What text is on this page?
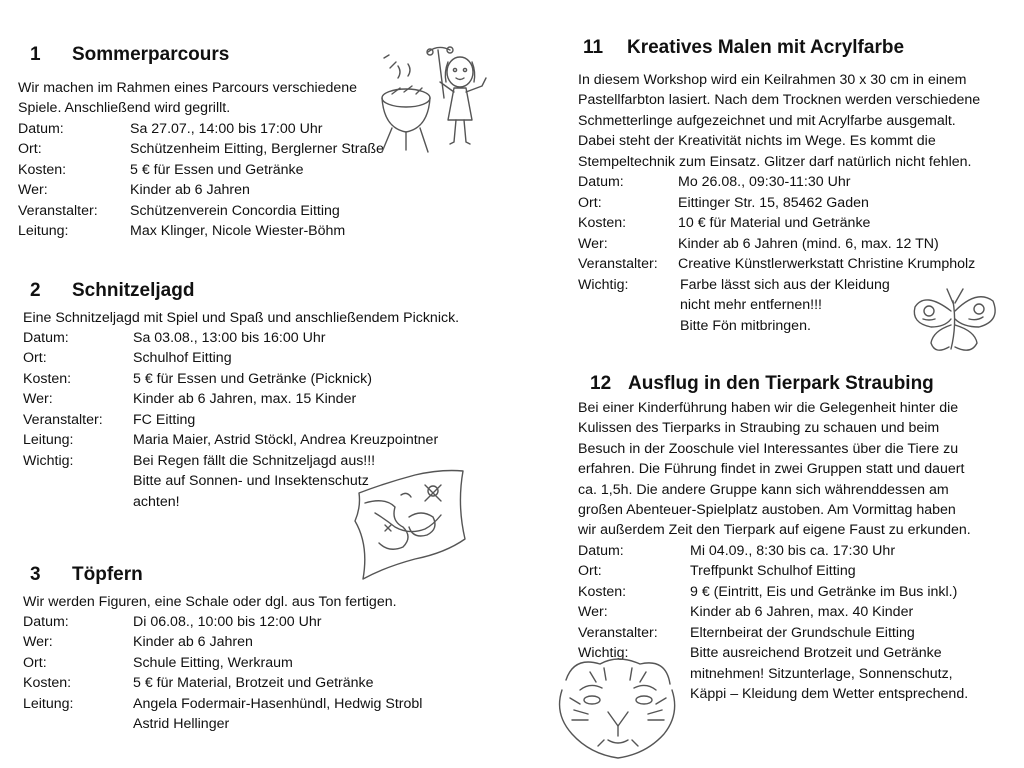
1 Sommerparcours
Wir machen im Rahmen eines Parcours verschiedene
Spiele. Anschließend wird gegrillt.
Datum:	Sa 27.07., 14:00 bis 17:00 Uhr
Ort:	Schützenheim Eitting, Berglerner Straße
Kosten:	5 € für Essen und Getränke
Wer:	Kinder ab 6 Jahren
Veranstalter: Schützenverein Concordia Eitting
Leitung:	Max Klinger, Nicole Wiester-Böhm
2 Schnitzeljagd
Eine Schnitzeljagd mit Spiel und Spaß und anschließendem Picknick.
Datum:	Sa 03.08., 13:00 bis 16:00 Uhr
Ort:	Schulhof Eitting
Kosten:	5 € für Essen und Getränke (Picknick)
Wer:	Kinder ab 6 Jahren, max. 15 Kinder
Veranstalter: FC Eitting
Leitung:	Maria Maier, Astrid Stöckl, Andrea Kreuzpointner
Wichtig:	Bei Regen fällt die Schnitzeljagd aus!!!
Bitte auf Sonnen- und Insektenschutz
achten!
3 Töpfern
Wir werden Figuren, eine Schale oder dgl. aus Ton fertigen.
Datum:	Di 06.08., 10:00 bis 12:00 Uhr
Wer:	Kinder ab 6 Jahren
Ort:	Schule Eitting, Werkraum
Kosten:	5 € für Material, Brotzeit und Getränke
Leitung:	Angela Fodermair-Hasenhündl, Hedwig Strobl
Astrid Hellinger
11 Kreatives Malen mit Acrylfarbe
In diesem Workshop wird ein Keilrahmen 30 x 30 cm in einem
Pastellfarbton lasiert. Nach dem Trocknen werden verschiedene
Schmetterlinge aufgezeichnet und mit Acrylfarbe ausgemalt.
Dabei steht der Kreativität nichts im Wege. Es kommt die
Stempeltechnik zum Einsatz. Glitzer darf natürlich nicht fehlen.
Datum:	Mo 26.08., 09:30-11:30 Uhr
Ort:	Eittinger Str. 15, 85462 Gaden
Kosten:	10 € für Material und Getränke
Wer:	Kinder ab 6 Jahren (mind. 6, max. 12 TN)
Veranstalter: Creative Künstlerwerkstatt Christine Krumpholz
Wichtig:	Farbe lässt sich aus der Kleidung
nicht mehr entfernen!!!
Bitte Fön mitbringen.
12 Ausflug in den Tierpark Straubing
Bei einer Kinderführung haben wir die Gelegenheit hinter die
Kulissen des Tierparks in Straubing zu schauen und beim
Besuch in der Zooschule viel Interessantes über die Tiere zu
erfahren. Die Führung findet in zwei Gruppen statt und dauert
ca. 1,5h. Die andere Gruppe kann sich währenddessen am
großen Abenteuer-Spielplatz austoben. Am Vormittag haben
wir außerdem Zeit den Tierpark auf eigene Faust zu erkunden.
Datum:	Mi 04.09., 8:30 bis ca. 17:30 Uhr
Ort:	Treffpunkt Schulhof Eitting
Kosten:	9 € (Eintritt, Eis und Getränke im Bus inkl.)
Wer:	Kinder ab 6 Jahren, max. 40 Kinder
Veranstalter: Elternbeirat der Grundschule Eitting
Wichtig:	Bitte ausreichend Brotzeit und Getränke
mitnehmen! Sitzunterlage, Sonnenschutz,
Käppi – Kleidung dem Wetter entsprechend.
